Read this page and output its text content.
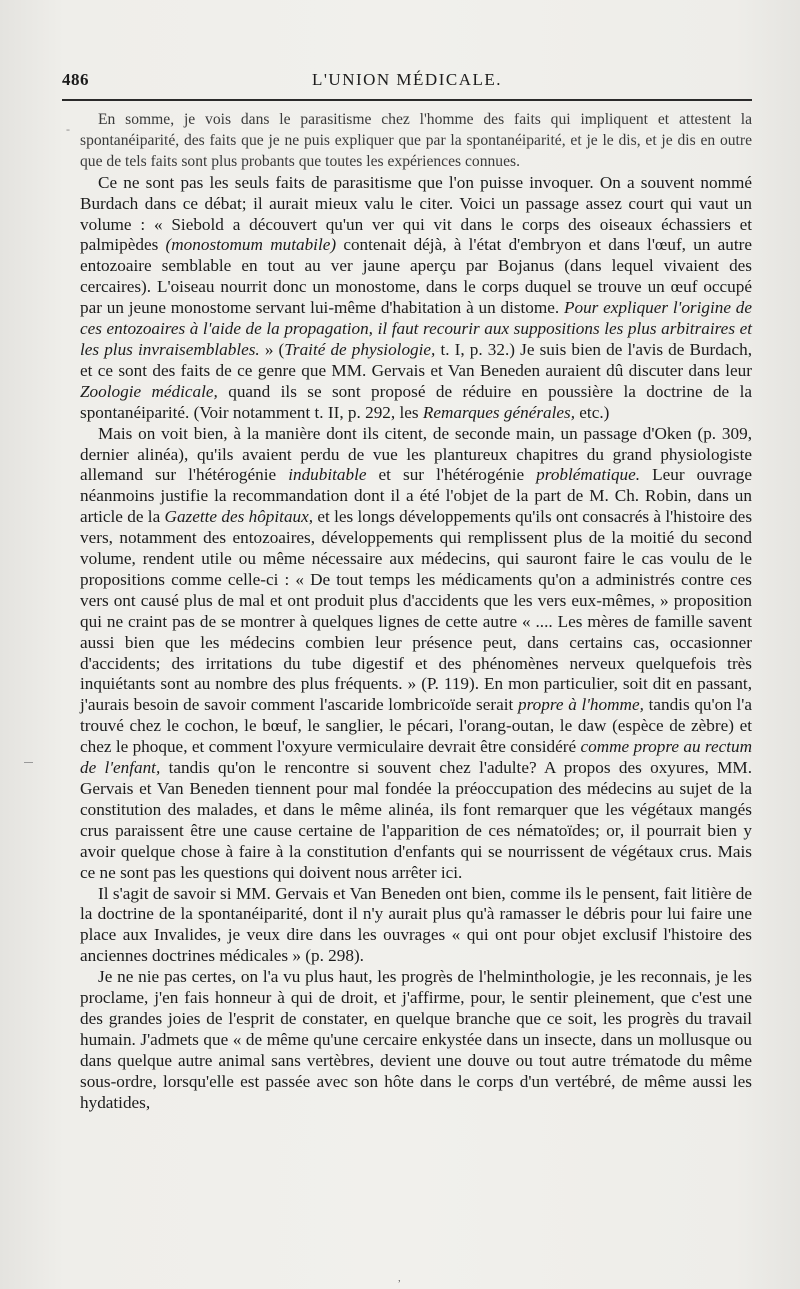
486	L'UNION MÉDICALE.
-

En somme, je vois dans le parasitisme chez l'homme des faits qui impliquent et attestent la spontanéiparité, des faits que je ne puis expliquer que par la spontanéiparité, et je le dis, et je dis en outre que de tels faits sont plus probants que toutes les expériences connues.

Ce ne sont pas les seuls faits de parasitisme que l'on puisse invoquer. On a souvent nommé Burdach dans ce débat; il aurait mieux valu le citer. Voici un passage assez court qui vaut un volume : « Siebold a découvert qu'un ver qui vit dans le corps des oiseaux échassiers et palmipèdes (monostomum mutabile) contenait déjà, à l'état d'embryon et dans l'œuf, un autre entozoaire semblable en tout au ver jaune aperçu par Bojanus (dans lequel vivaient des cercaires). L'oiseau nourrit donc un monostome, dans le corps duquel se trouve un œuf occupé par un jeune monostome servant lui-même d'habitation à un distome. Pour expliquer l'origine de ces entozoaires à l'aide de la propagation, il faut recourir aux suppositions les plus arbitraires et les plus invraisemblables. » (Traité de physiologie, t. I, p. 32.) Je suis bien de l'avis de Burdach, et ce sont des faits de ce genre que MM. Gervais et Van Beneden auraient dû discuter dans leur Zoologie médicale, quand ils se sont proposé de réduire en poussière la doctrine de la spontanéiparité. (Voir notamment t. II, p. 292, les Remarques générales, etc.)

Mais on voit bien, à la manière dont ils citent, de seconde main, un passage d'Oken (p. 309, dernier alinéa), qu'ils avaient perdu de vue les plantureux chapitres du grand physiologiste allemand sur l'hétérogénie indubitable et sur l'hétérogénie problématique. Leur ouvrage néanmoins justifie la recommandation dont il a été l'objet de la part de M. Ch. Robin, dans un article de la Gazette des hôpitaux, et les longs développements qu'ils ont consacrés à l'histoire des vers, notamment des entozoaires, développements qui remplissent plus de la moitié du second volume, rendent utile ou même nécessaire aux médecins, qui sauront faire le cas voulu de le propositions comme celle-ci : « De tout temps les médicaments qu'on a administrés contre ces vers ont causé plus de mal et ont produit plus d'accidents que les vers eux-mêmes, » proposition qui ne craint pas de se montrer à quelques lignes de cette autre « .... Les mères de famille savent aussi bien que les médecins combien leur présence peut, dans certains cas, occasionner d'accidents; des irritations du tube digestif et des phénomènes nerveux quelquefois très inquiétants sont au nombre des plus fréquents. » (P. 119). En mon particulier, soit dit en passant, j'aurais besoin de savoir comment l'ascaride lombricoïde serait propre à l'homme, tandis qu'on l'a trouvé chez le cochon, le bœuf, le sanglier, le pécari, l'orang-outan, le daw (espèce de zèbre) et chez le phoque, et comment l'oxyure vermiculaire devrait être considéré comme propre au rectum de l'enfant, tandis qu'on le rencontre si souvent chez l'adulte? A propos des oxyures, MM. Gervais et Van Beneden tiennent pour mal fondée la préoccupation des médecins au sujet de la constitution des malades, et dans le même alinéa, ils font remarquer que les végétaux mangés crus paraissent être une cause certaine de l'apparition de ces nématoïdes; or, il pourrait bien y avoir quelque chose à faire à la constitution d'enfants qui se nourrissent de végétaux crus. Mais ce ne sont pas les questions qui doivent nous arrêter ici.

Il s'agit de savoir si MM. Gervais et Van Beneden ont bien, comme ils le pensent, fait litière de la doctrine de la spontanéiparité, dont il n'y aurait plus qu'à ramasser le débris pour lui faire une place aux Invalides, je veux dire dans les ouvrages « qui ont pour objet exclusif l'histoire des anciennes doctrines médicales » (p. 298).

Je ne nie pas certes, on l'a vu plus haut, les progrès de l'helminthologie, je les reconnais, je les proclame, j'en fais honneur à qui de droit, et j'affirme, pour, le sentir pleinement, que c'est une des grandes joies de l'esprit de constater, en quelque branche que ce soit, les progrès du travail humain. J'admets que « de même qu'une cercaire enkystée dans un insecte, dans un mollusque ou dans quelque autre animal sans vertèbres, devient une douve ou tout autre trématode du même sous-ordre, lorsqu'elle est passée avec son hôte dans le corps d'un vertébré, de même aussi les hydatides,

,
